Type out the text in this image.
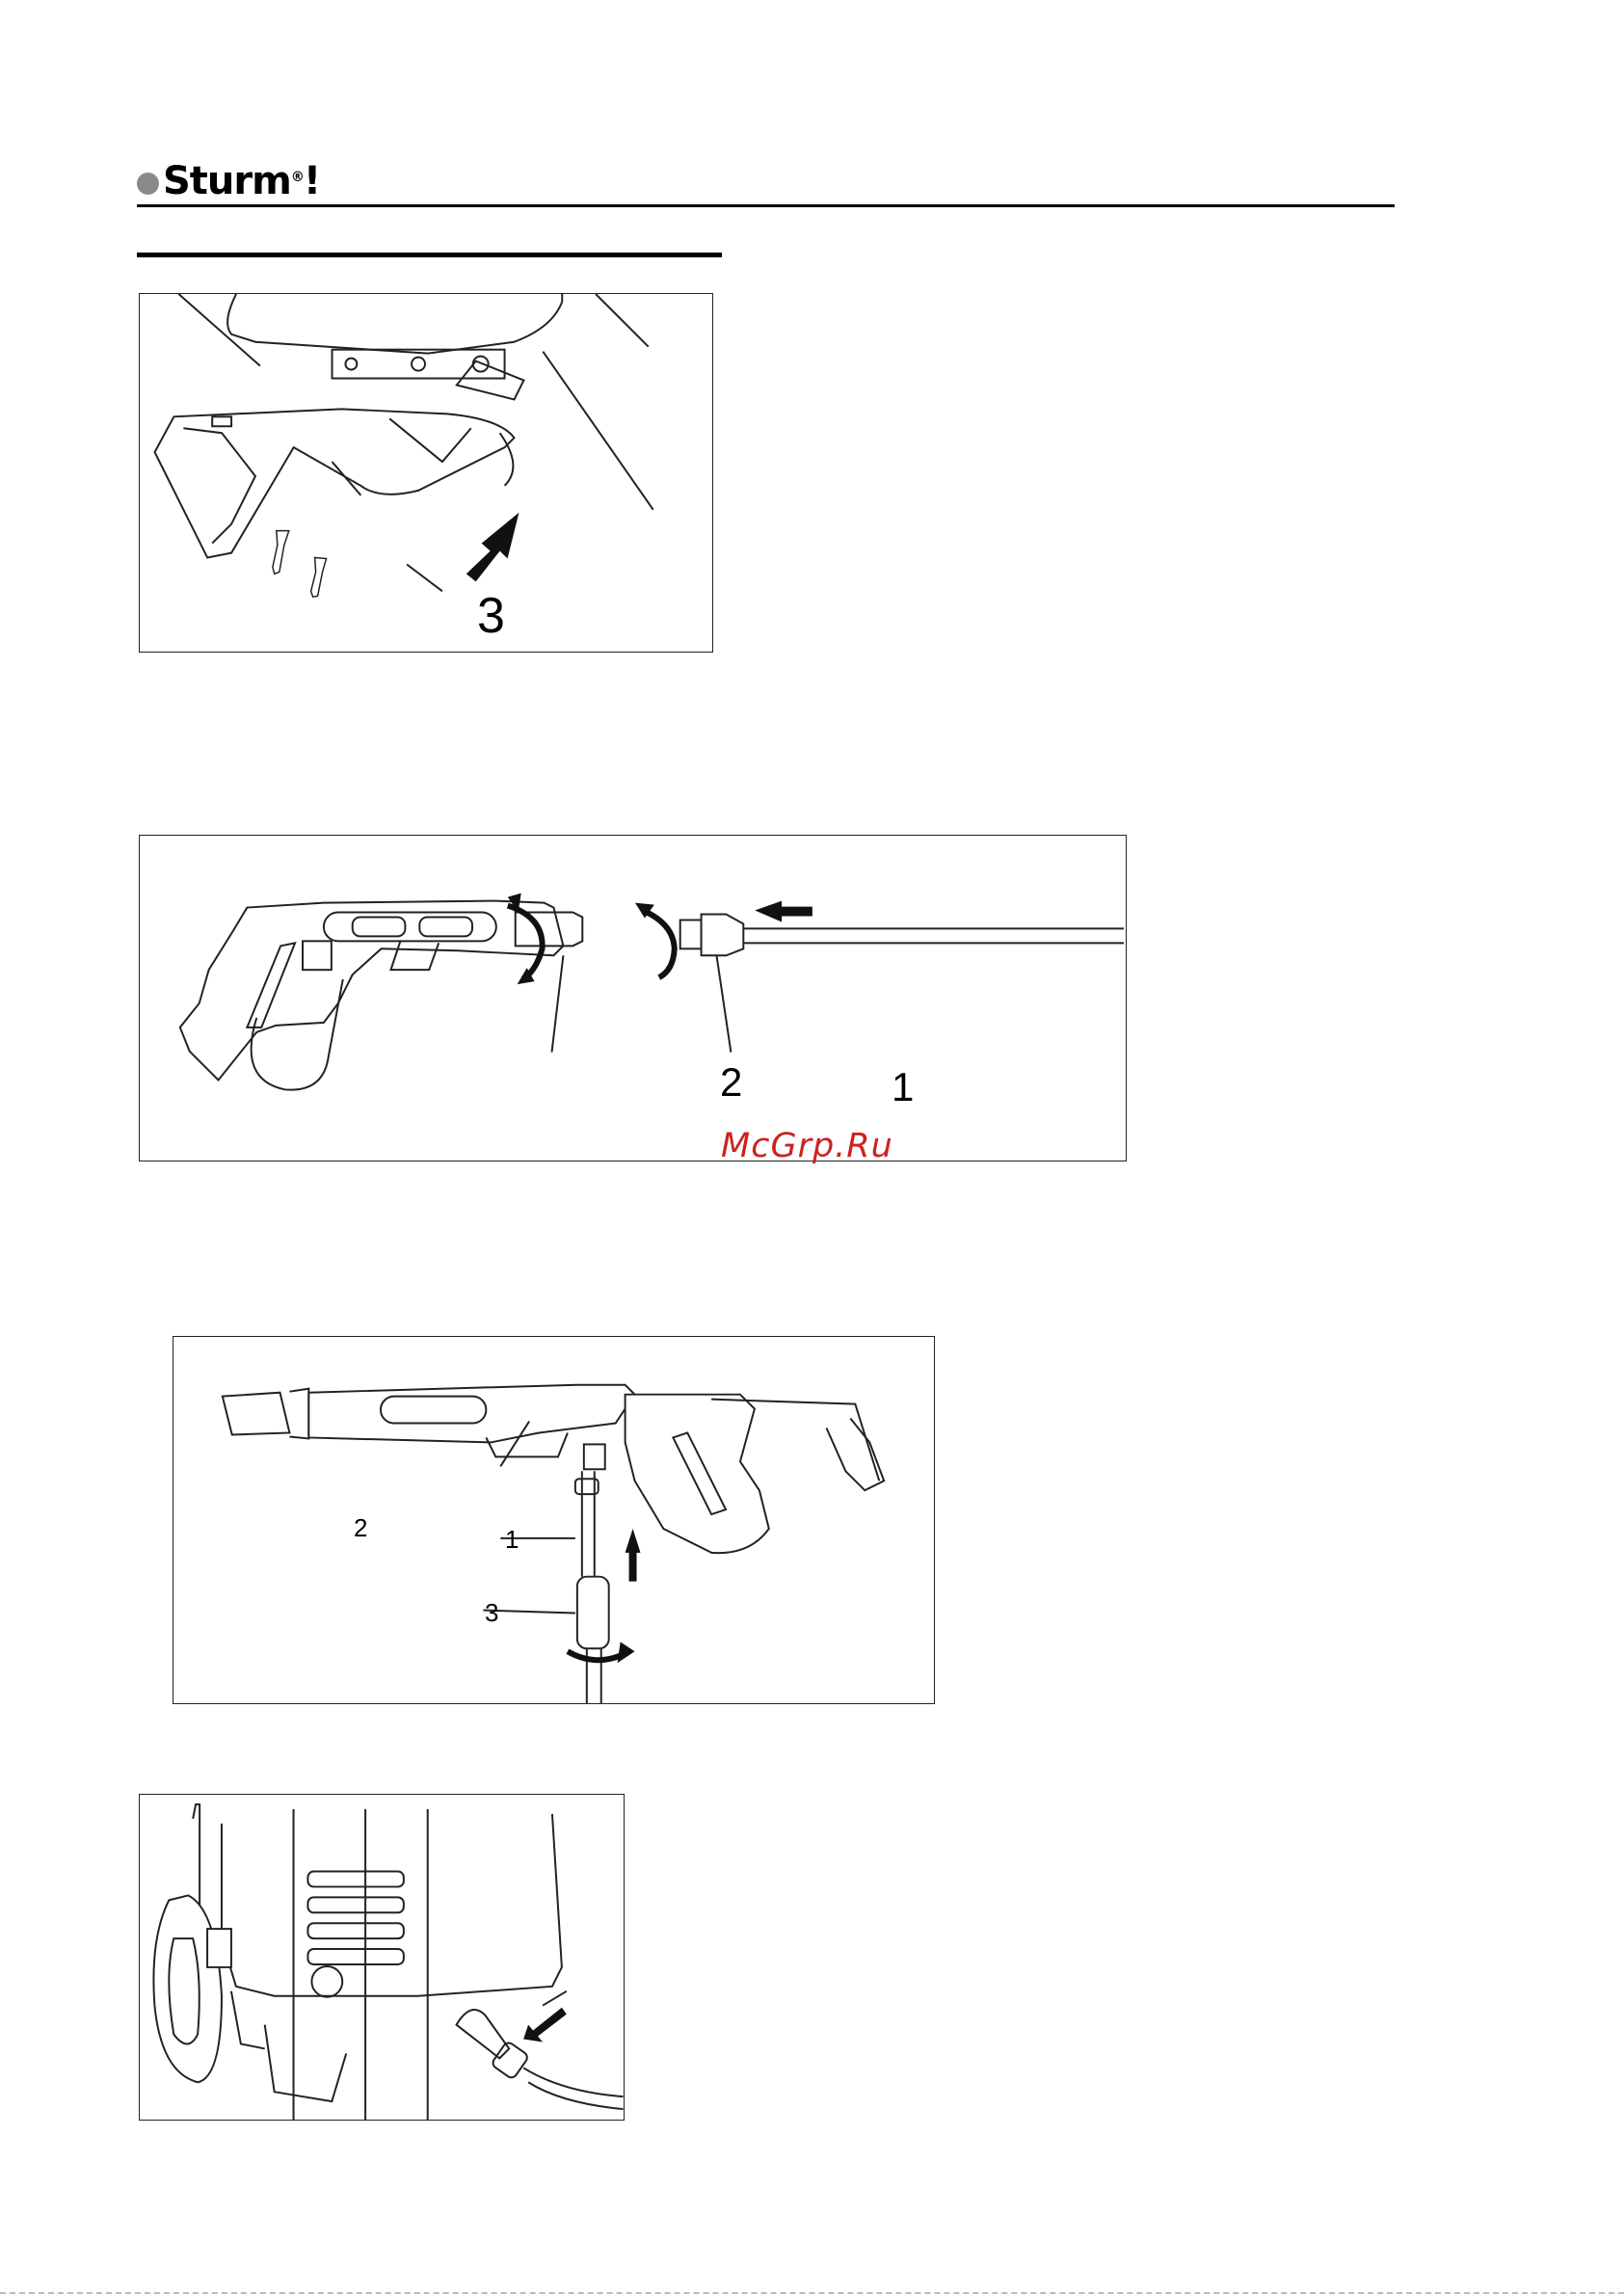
Sturm®!
3
2	1
McGrp.Ru
2	1
3
